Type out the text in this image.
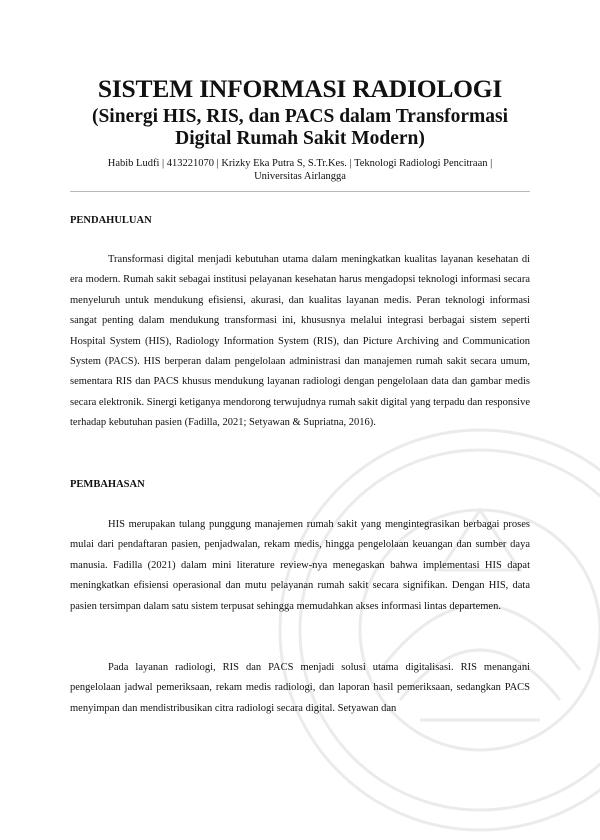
SISTEM INFORMASI RADIOLOGI
(Sinergi HIS, RIS, dan PACS dalam Transformasi
Digital Rumah Sakit Modern)
Habib Ludfi | 413221070 | Krizky Eka Putra S, S.Tr.Kes. | Teknologi Radiologi Pencitraan |
Universitas Airlangga
PENDAHULUAN

Transformasi digital menjadi kebutuhan utama dalam meningkatkan kualitas layanan kesehatan di era modern. Rumah sakit sebagai institusi pelayanan kesehatan harus mengadopsi teknologi informasi secara menyeluruh untuk mendukung efisiensi, akurasi, dan kualitas layanan medis. Peran teknologi informasi sangat penting dalam mendukung transformasi ini, khususnya melalui integrasi berbagai sistem seperti Hospital System (HIS), Radiology Information System (RIS), dan Picture Archiving and Communication System (PACS). HIS berperan dalam pengelolaan administrasi dan manajemen rumah sakit secara umum, sementara RIS dan PACS khusus mendukung layanan radiologi dengan pengelolaan data dan gambar medis secara elektronik. Sinergi ketiganya mendorong terwujudnya rumah sakit digital yang terpadu dan responsive terhadap kebutuhan pasien (Fadilla, 2021; Setyawan & Supriatna, 2016).

PEMBAHASAN

HIS merupakan tulang punggung manajemen rumah sakit yang mengintegrasikan berbagai proses mulai dari pendaftaran pasien, penjadwalan, rekam medis, hingga pengelolaan keuangan dan sumber daya manusia. Fadilla (2021) dalam mini literature review-nya menegaskan bahwa implementasi HIS dapat meningkatkan efisiensi operasional dan mutu pelayanan rumah sakit secara signifikan. Dengan HIS, data pasien tersimpan dalam satu sistem terpusat sehingga memudahkan akses informasi lintas departemen.

Pada layanan radiologi, RIS dan PACS menjadi solusi utama digitalisasi. RIS menangani pengelolaan jadwal pemeriksaan, rekam medis radiologi, dan laporan hasil pemeriksaan, sedangkan PACS menyimpan dan mendistribusikan citra radiologi secara digital. Setyawan dan
